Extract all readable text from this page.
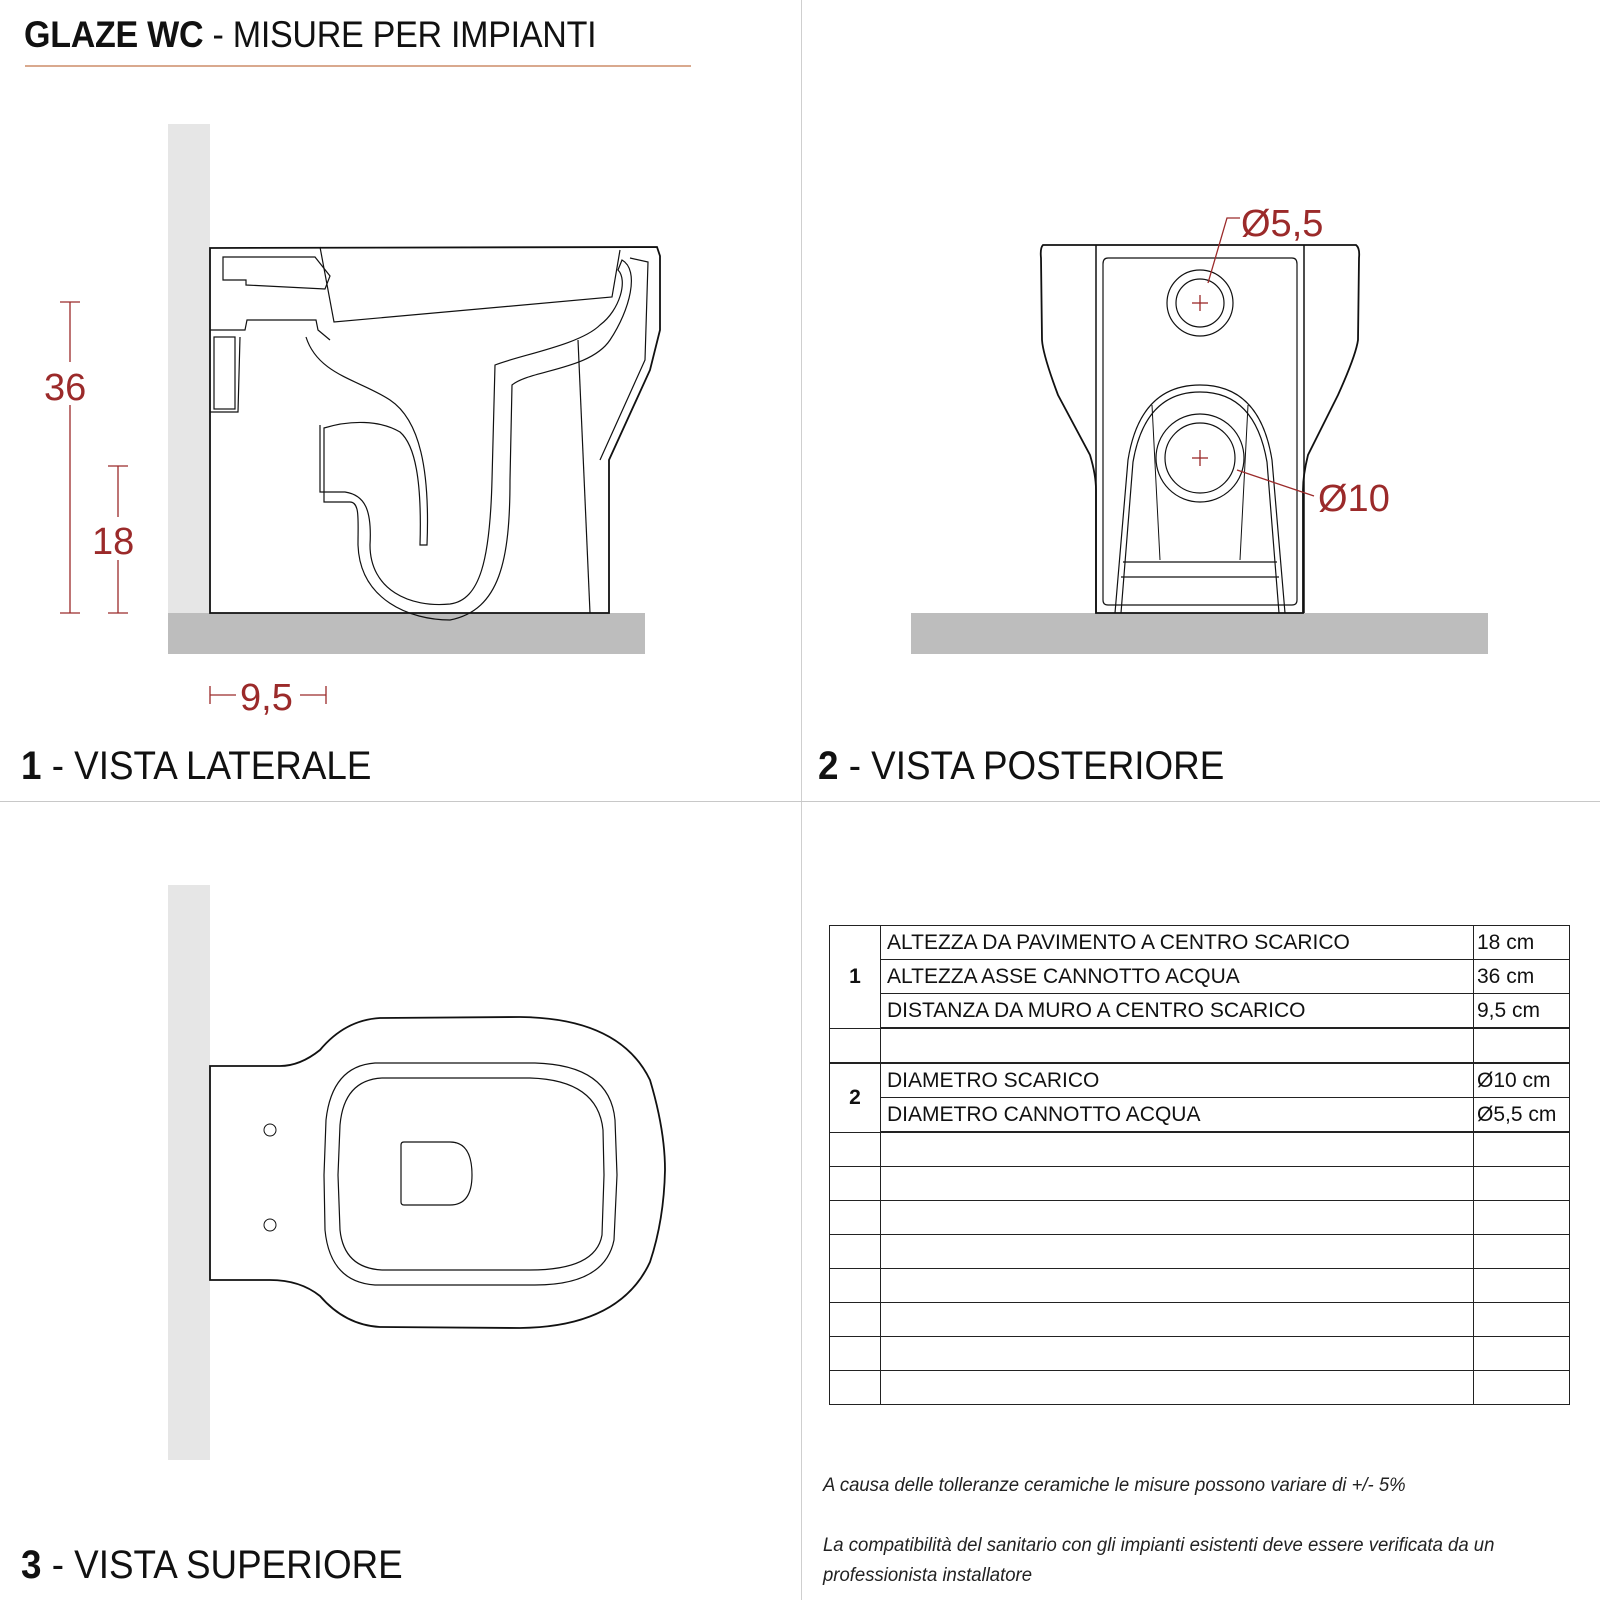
GLAZE WC - MISURE PER IMPIANTI
36
18
9,5
Ø5,5
Ø10
1 - VISTA LATERALE	2 - VISTA POSTERIORE
3 - VISTA SUPERIORE
1	ALTEZZA DA PAVIMENTO A CENTRO SCARICO	18 cm
	ALTEZZA ASSE CANNOTTO ACQUA	36 cm
	DISTANZA DA MURO A CENTRO SCARICO	9,5 cm

2	DIAMETRO SCARICO	Ø10 cm
	DIAMETRO CANNOTTO ACQUA	Ø5,5 cm

A causa delle tolleranze ceramiche le misure possono variare di +/- 5%
La compatibilità del sanitario con gli impianti esistenti deve essere verificata da un professionista installatore
